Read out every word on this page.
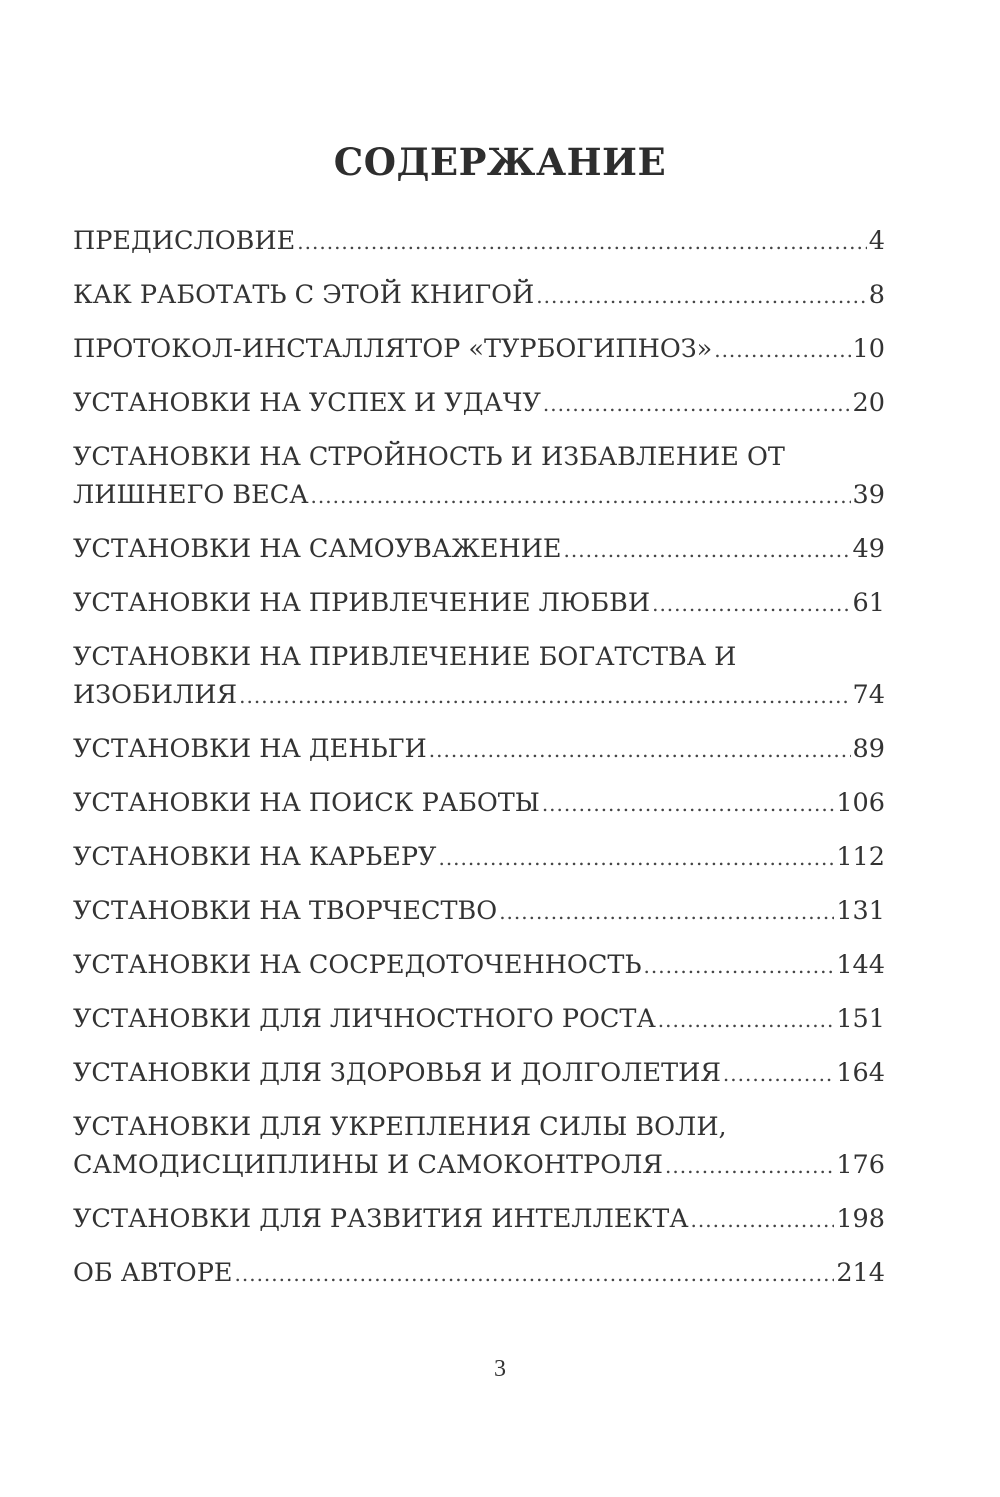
СОДЕРЖАНИЕ
ПРЕДИСЛОВИЕ .....	4
КАК РАБОТАТЬ С ЭТОЙ КНИГОЙ .....	8
ПРОТОКОЛ-ИНСТАЛЛЯТОР «ТУРБОГИПНОЗ» .....	10
УСТАНОВКИ НА УСПЕХ И УДАЧУ .....	20
УСТАНОВКИ НА СТРОЙНОСТЬ И ИЗБАВЛЕНИЕ ОТ
ЛИШНЕГО ВЕСА .....	39
УСТАНОВКИ НА САМОУВАЖЕНИЕ .....	49
УСТАНОВКИ НА ПРИВЛЕЧЕНИЕ ЛЮБВИ .....	61
УСТАНОВКИ НА ПРИВЛЕЧЕНИЕ БОГАТСТВА И
ИЗОБИЛИЯ .....	74
УСТАНОВКИ НА ДЕНЬГИ .....	89
УСТАНОВКИ НА ПОИСК РАБОТЫ .....	106
УСТАНОВКИ НА КАРЬЕРУ .....	112
УСТАНОВКИ НА ТВОРЧЕСТВО .....	131
УСТАНОВКИ НА СОСРЕДОТОЧЕННОСТЬ .....	144
УСТАНОВКИ ДЛЯ ЛИЧНОСТНОГО РОСТА .....	151
УСТАНОВКИ ДЛЯ ЗДОРОВЬЯ И ДОЛГОЛЕТИЯ .....	164
УСТАНОВКИ ДЛЯ УКРЕПЛЕНИЯ СИЛЫ ВОЛИ,
САМОДИСЦИПЛИНЫ И САМОКОНТРОЛЯ .....	176
УСТАНОВКИ ДЛЯ РАЗВИТИЯ ИНТЕЛЛЕКТА .....	198
ОБ АВТОРЕ .....	214
3
